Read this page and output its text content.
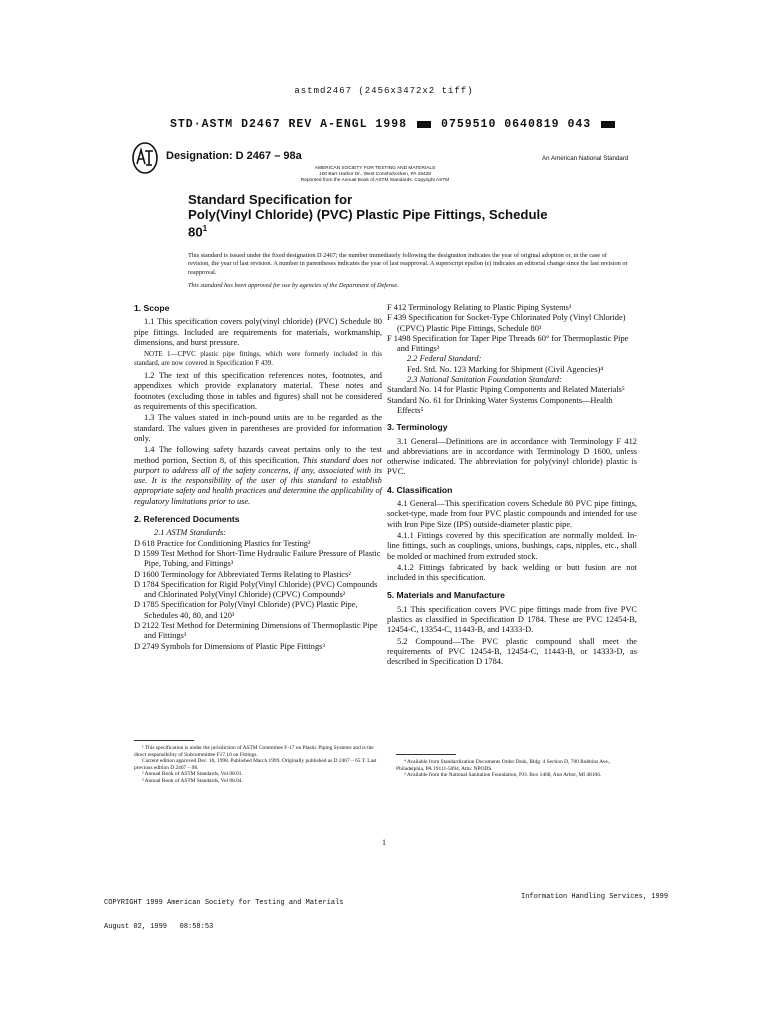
astmd2467 (2456x3472x2 tiff)
STD·ASTM D2467 REV A-ENGL 1998	0759510 0640819 043
Designation: D 2467 – 98a	An American National Standard
AMERICAN SOCIETY FOR TESTING AND MATERIALS
100 Barr Harbor Dr., West Conshohocken, PA 19428
Reprinted from the Annual Book of ASTM Standards. Copyright ASTM
Standard Specification for
Poly(Vinyl Chloride) (PVC) Plastic Pipe Fittings, Schedule
$80^1$
This standard is issued under the fixed designation D 2467; the number immediately following the designation indicates the year of original adoption or, in the case of revision, the year of last revision. A number in parentheses indicates the year of last reapproval. A superscript epsilon (ε) indicates an editorial change since the last revision or reapproval.
This standard has been approved for use by agencies of the Department of Defense.
1. Scope

1.1 This specification covers poly(vinyl chloride) (PVC) Schedule 80 pipe fittings. Included are requirements for materials, workmanship, dimensions, and burst pressure.

NOTE 1—CPVC plastic pipe fittings, which were formerly included in this standard, are now covered in Specification F 439.

1.2 The text of this specification references notes, footnotes, and appendixes which provide explanatory material. These notes and footnotes (excluding those in tables and figures) shall not be considered as requirements of this specification.

1.3 The values stated in inch-pound units are to be regarded as the standard. The values given in parentheses are provided for information only.

1.4 The following safety hazards caveat pertains only to the test method portion, Section 8, of this specification. This standard does not purport to address all of the safety concerns, if any, associated with its use. It is the responsibility of the user of this standard to establish appropriate safety and health practices and determine the applicability of regulatory limitations prior to use.

2. Referenced Documents

2.1 ASTM Standards:

D 618 Practice for Conditioning Plastics for Testing²

D 1599 Test Method for Short-Time Hydraulic Failure Pressure of Plastic Pipe, Tubing, and Fittings³

D 1600 Terminology for Abbreviated Terms Relating to Plastics²

D 1784 Specification for Rigid Poly(Vinyl Chloride) (PVC) Compounds and Chlorinated Poly(Vinyl Chloride) (CPVC) Compounds²

D 1785 Specification for Poly(Vinyl Chloride) (PVC) Plastic Pipe, Schedules 40, 80, and 120³

D 2122 Test Method for Determining Dimensions of Thermoplastic Pipe and Fittings³

D 2749 Symbols for Dimensions of Plastic Pipe Fittings³

¹ This specification is under the jurisdiction of ASTM Committee F-17 on Plastic Piping Systems and is the direct responsibility of Subcommittee F17.10 on Fittings.

Current edition approved Dec. 10, 1998. Published March 1999. Originally published as D 2467 – 65 T. Last previous edition D 2467 – 98.

² Annual Book of ASTM Standards, Vol 08.01.

³ Annual Book of ASTM Standards, Vol 08.04.

F 412 Terminology Relating to Plastic Piping Systems³

F 439 Specification for Socket-Type Chlorinated Poly (Vinyl Chloride) (CPVC) Plastic Pipe Fittings, Schedule 80³

F 1498 Specification for Taper Pipe Threads 60° for Thermoplastic Pipe and Fittings³

2.2 Federal Standard:

Fed. Std. No. 123 Marking for Shipment (Civil Agencies)⁴

2.3 National Sanitation Foundation Standard:

Standard No. 14 for Plastic Piping Components and Related Materials⁵

Standard No. 61 for Drinking Water Systems Components—Health Effects⁵

3. Terminology

3.1 General—Definitions are in accordance with Terminology F 412 and abbreviations are in accordance with Terminology D 1600, unless otherwise indicated. The abbreviation for poly(vinyl chloride) plastic is PVC.

4. Classification

4.1 General—This specification covers Schedule 80 PVC pipe fittings, socket-type, made from four PVC plastic compounds and intended for use with Iron Pipe Size (IPS) outside-diameter plastic pipe.

4.1.1 Fittings covered by this specification are normally molded. In-line fittings, such as couplings, unions, bushings, caps, nipples, etc., shall be molded or machined from extruded stock.

4.1.2 Fittings fabricated by back welding or butt fusion are not included in this specification.

5. Materials and Manufacture

5.1 This specification covers PVC pipe fittings made from five PVC plastics as classified in Specification D 1784. These are PVC 12454-B, 12454-C, 13354-C, 11443-B, and 14333-D.

5.2 Compound—The PVC plastic compound shall meet the requirements of PVC 12454-B, 12454-C, 11443-B, or 14333-D, as described in Specification D 1784.

⁴ Available from Standardization Documents Order Desk, Bldg. 4 Section D, 700 Robbins Ave., Philadelphia, PA 19111-5094, Attn: NPODS.

⁵ Available from the National Sanitation Foundation, P.O. Box 1468, Ann Arbor, MI 48106.

1

COPYRIGHT 1999 American Society for Testing and Materials

August 02, 1999   08:58:53

Information Handling Services, 1999
